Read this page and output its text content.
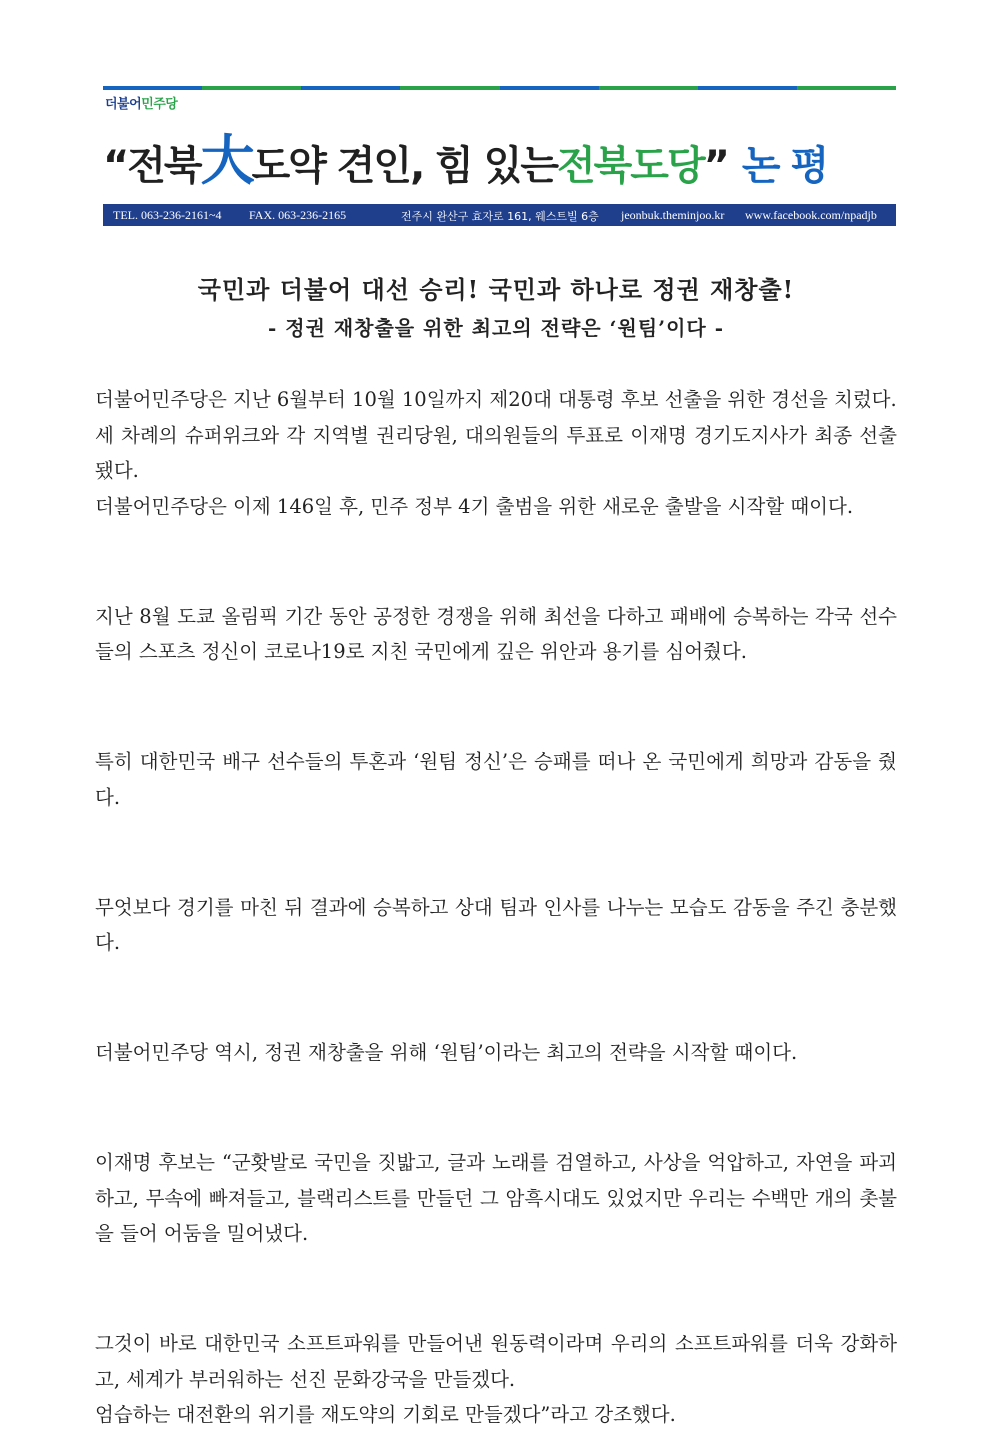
더불어민주당
“전북 大 도약 견인, 힘 있는 전북도당 ” 논 평
TEL. 063-236-2161~4 FAX. 063-236-2165	전주시 완산구 효자로 161, 웨스트빌 6층 jeonbuk.theminjoo.kr www.facebook.com/npadjb
국민과 더불어 대선 승리! 국민과 하나로 정권 재창출!
- 정권 재창출을 위한 최고의 전략은 ‘원팀’이다 -

더불어민주당은 지난 6월부터 10월 10일까지 제20대 대통령 후보 선출을 위한 경선을 치렀다.

세 차례의 슈퍼위크와 각 지역별 권리당원, 대의원들의 투표로 이재명 경기도지사가 최종 선출됐다.

더불어민주당은 이제 146일 후, 민주 정부 4기 출범을 위한 새로운 출발을 시작할 때이다.

지난 8월 도쿄 올림픽 기간 동안 공정한 경쟁을 위해 최선을 다하고 패배에 승복하는 각국 선수들의 스포츠 정신이 코로나19로 지친 국민에게 깊은 위안과 용기를 심어줬다.

특히 대한민국 배구 선수들의 투혼과 ‘원팀 정신’은 승패를 떠나 온 국민에게 희망과 감동을 줬다.

무엇보다 경기를 마친 뒤 결과에 승복하고 상대 팀과 인사를 나누는 모습도 감동을 주긴 충분했다.

더불어민주당 역시, 정권 재창출을 위해 ‘원팀’이라는 최고의 전략을 시작할 때이다.

이재명 후보는 “군홧발로 국민을 짓밟고, 글과 노래를 검열하고, 사상을 억압하고, 자연을 파괴하고, 무속에 빠져들고, 블랙리스트를 만들던 그 암흑시대도 있었지만 우리는 수백만 개의 촛불을 들어 어둠을 밀어냈다.

그것이 바로 대한민국 소프트파워를 만들어낸 원동력이라며 우리의 소프트파워를 더욱 강화하고, 세계가 부러워하는 선진 문화강국을 만들겠다.

엄습하는 대전환의 위기를 재도약의 기회로 만들겠다”라고 강조했다.
